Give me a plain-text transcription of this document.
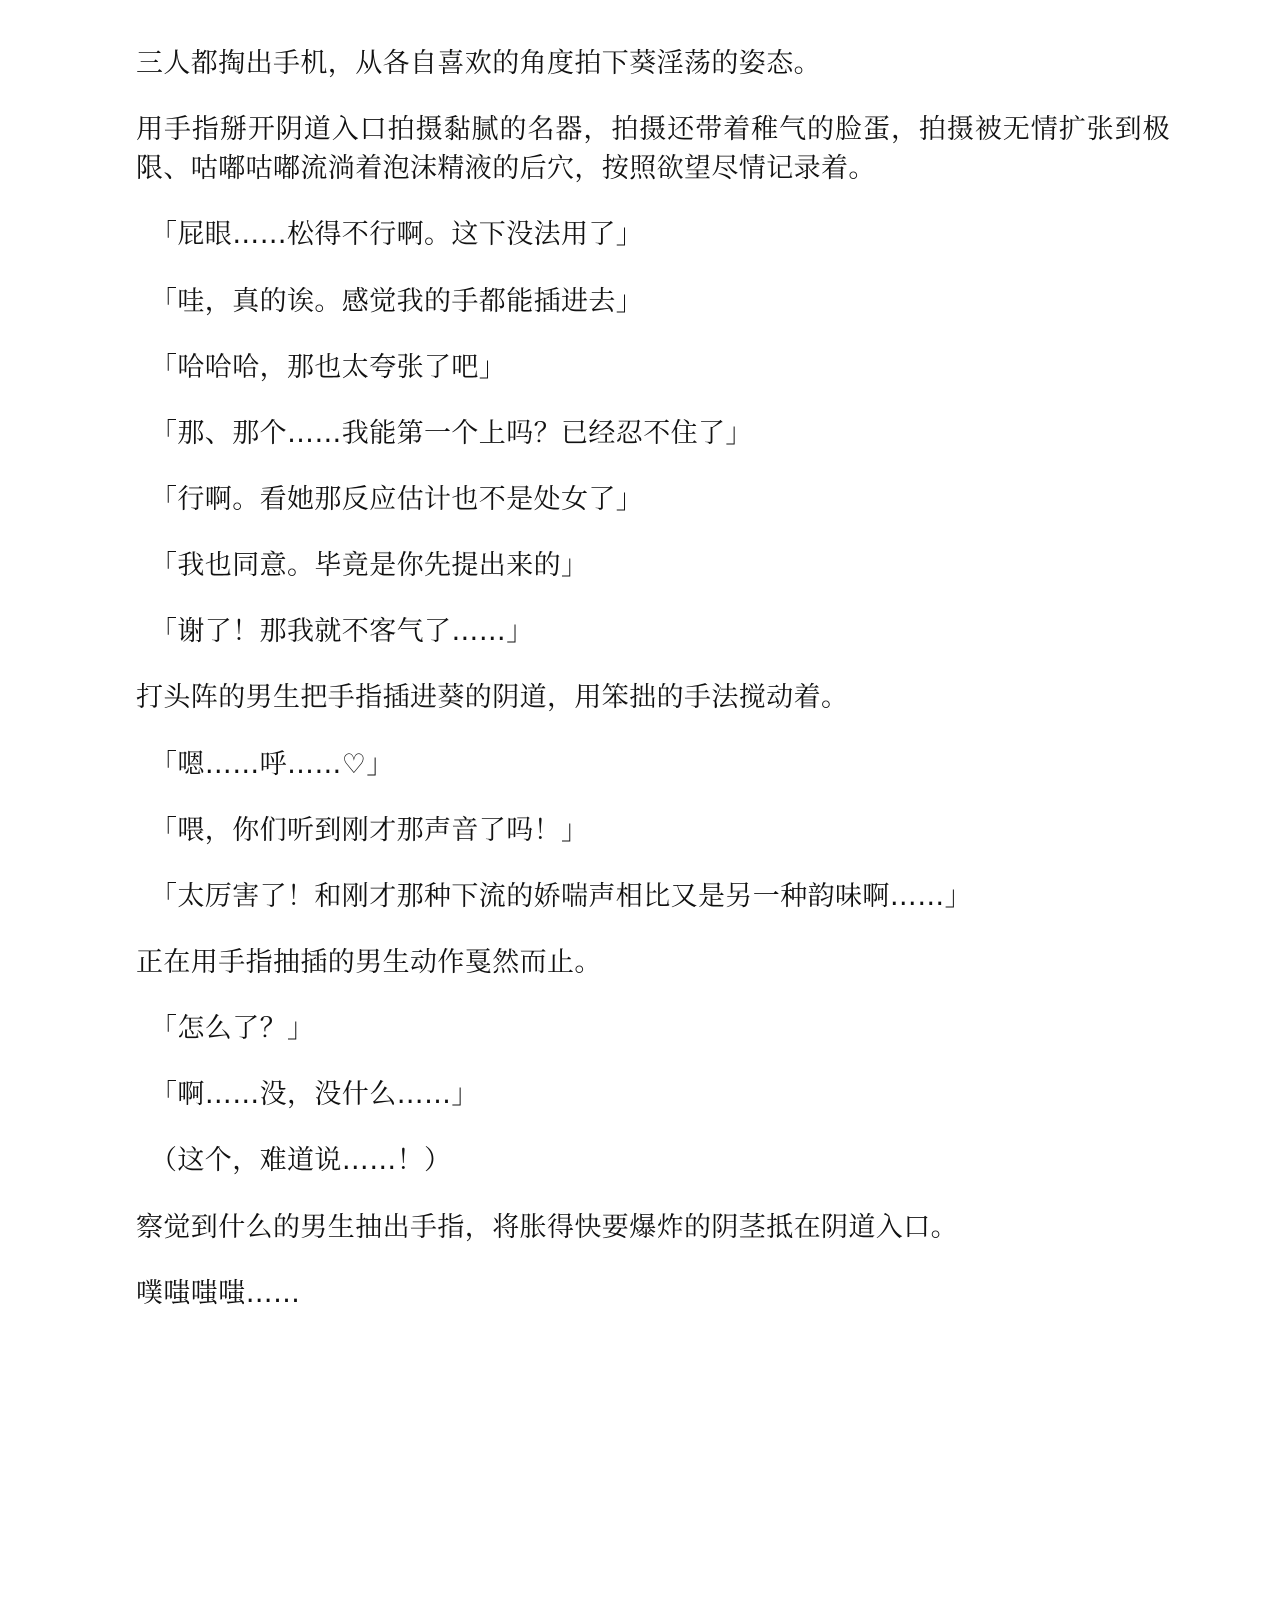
三人都掏出手机，从各自喜欢的角度拍下葵淫荡的姿态。

用手指掰开阴道入口拍摄黏腻的名器，拍摄还带着稚气的脸蛋，拍摄被无情扩张到极限、咕嘟咕嘟流淌着泡沫精液的后穴，按照欲望尽情记录着。

「屁眼……松得不行啊。这下没法用了」

「哇，真的诶。感觉我的手都能插进去」

「哈哈哈，那也太夸张了吧」

「那、那个……我能第一个上吗？已经忍不住了」

「行啊。看她那反应估计也不是处女了」

「我也同意。毕竟是你先提出来的」

「谢了！那我就不客气了……」

打头阵的男生把手指插进葵的阴道，用笨拙的手法搅动着。

「嗯……呼……♡」

「喂，你们听到刚才那声音了吗！」

「太厉害了！和刚才那种下流的娇喘声相比又是另一种韵味啊……」

正在用手指抽插的男生动作戛然而止。

「怎么了？」

「啊……没，没什么……」

（这个，难道说……！）

察觉到什么的男生抽出手指，将胀得快要爆炸的阴茎抵在阴道入口。

噗嗤嗤嗤……
